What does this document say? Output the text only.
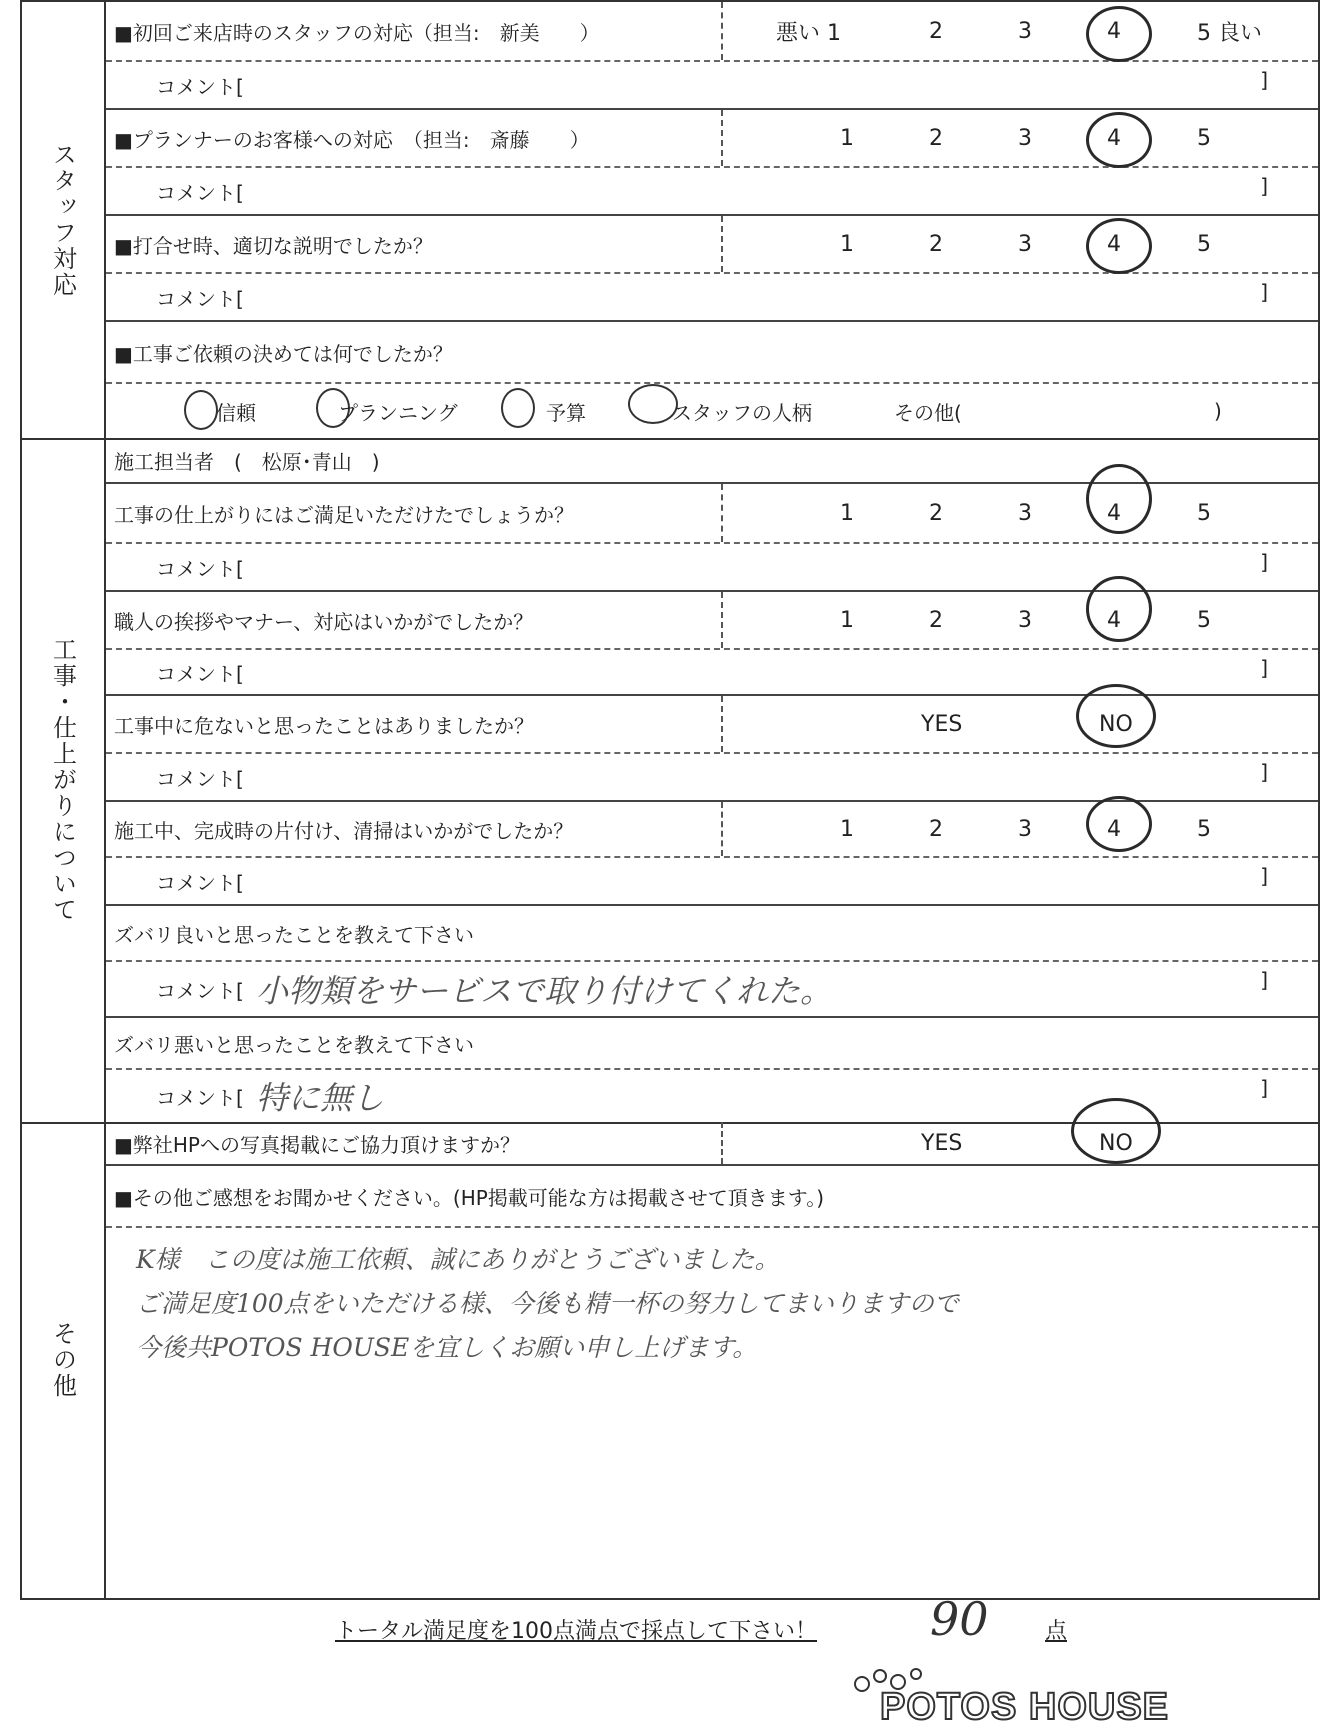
スタッフ対応
工事・仕上がりについて
その他
■初回ご来店時のスタッフの対応（担当:　新美　　）	悪い 1	2	3	4	5 良い
コメント[	]
■プランナーのお客様への対応　（担当:　斎藤　　）	1	2	3	4	5
コメント[	]
■打合せ時、適切な説明でしたか？	1	2	3	4	5
コメント[	]
■工事ご依頼の決めては何でしたか？
信頼	プランニング	予算	スタッフの人柄	その他(	)
施工担当者　(　松原･青山　)
工事の仕上がりにはご満足いただけたでしょうか？	1	2	3	4	5
コメント[	]
職人の挨拶やマナー、対応はいかがでしたか？	1	2	3	4	5
コメント[	]
工事中に危ないと思ったことはありましたか？	YES	NO
コメント[	]
施工中、完成時の片付け、清掃はいかがでしたか？	1	2	3	4	5
コメント[	]
ズバリ良いと思ったことを教えて下さい
コメント[ 小物類をサービスで取り付けてくれた。	]
ズバリ悪いと思ったことを教えて下さい
コメント[ 特に無し	]
■弊社HPへの写真掲載にご協力頂けますか？	YES	NO
■その他ご感想をお聞かせください。(HP掲載可能な方は掲載させて頂きます。)
K様　この度は施工依頼、誠にありがとうございました。
ご満足度100点をいただける様、今後も精一杯の努力してまいりますので
今後共POTOS HOUSEを宜しくお願い申し上げます。
トータル満足度を100点満点で採点して下さい！ 90	点
POTOS HOUSE
